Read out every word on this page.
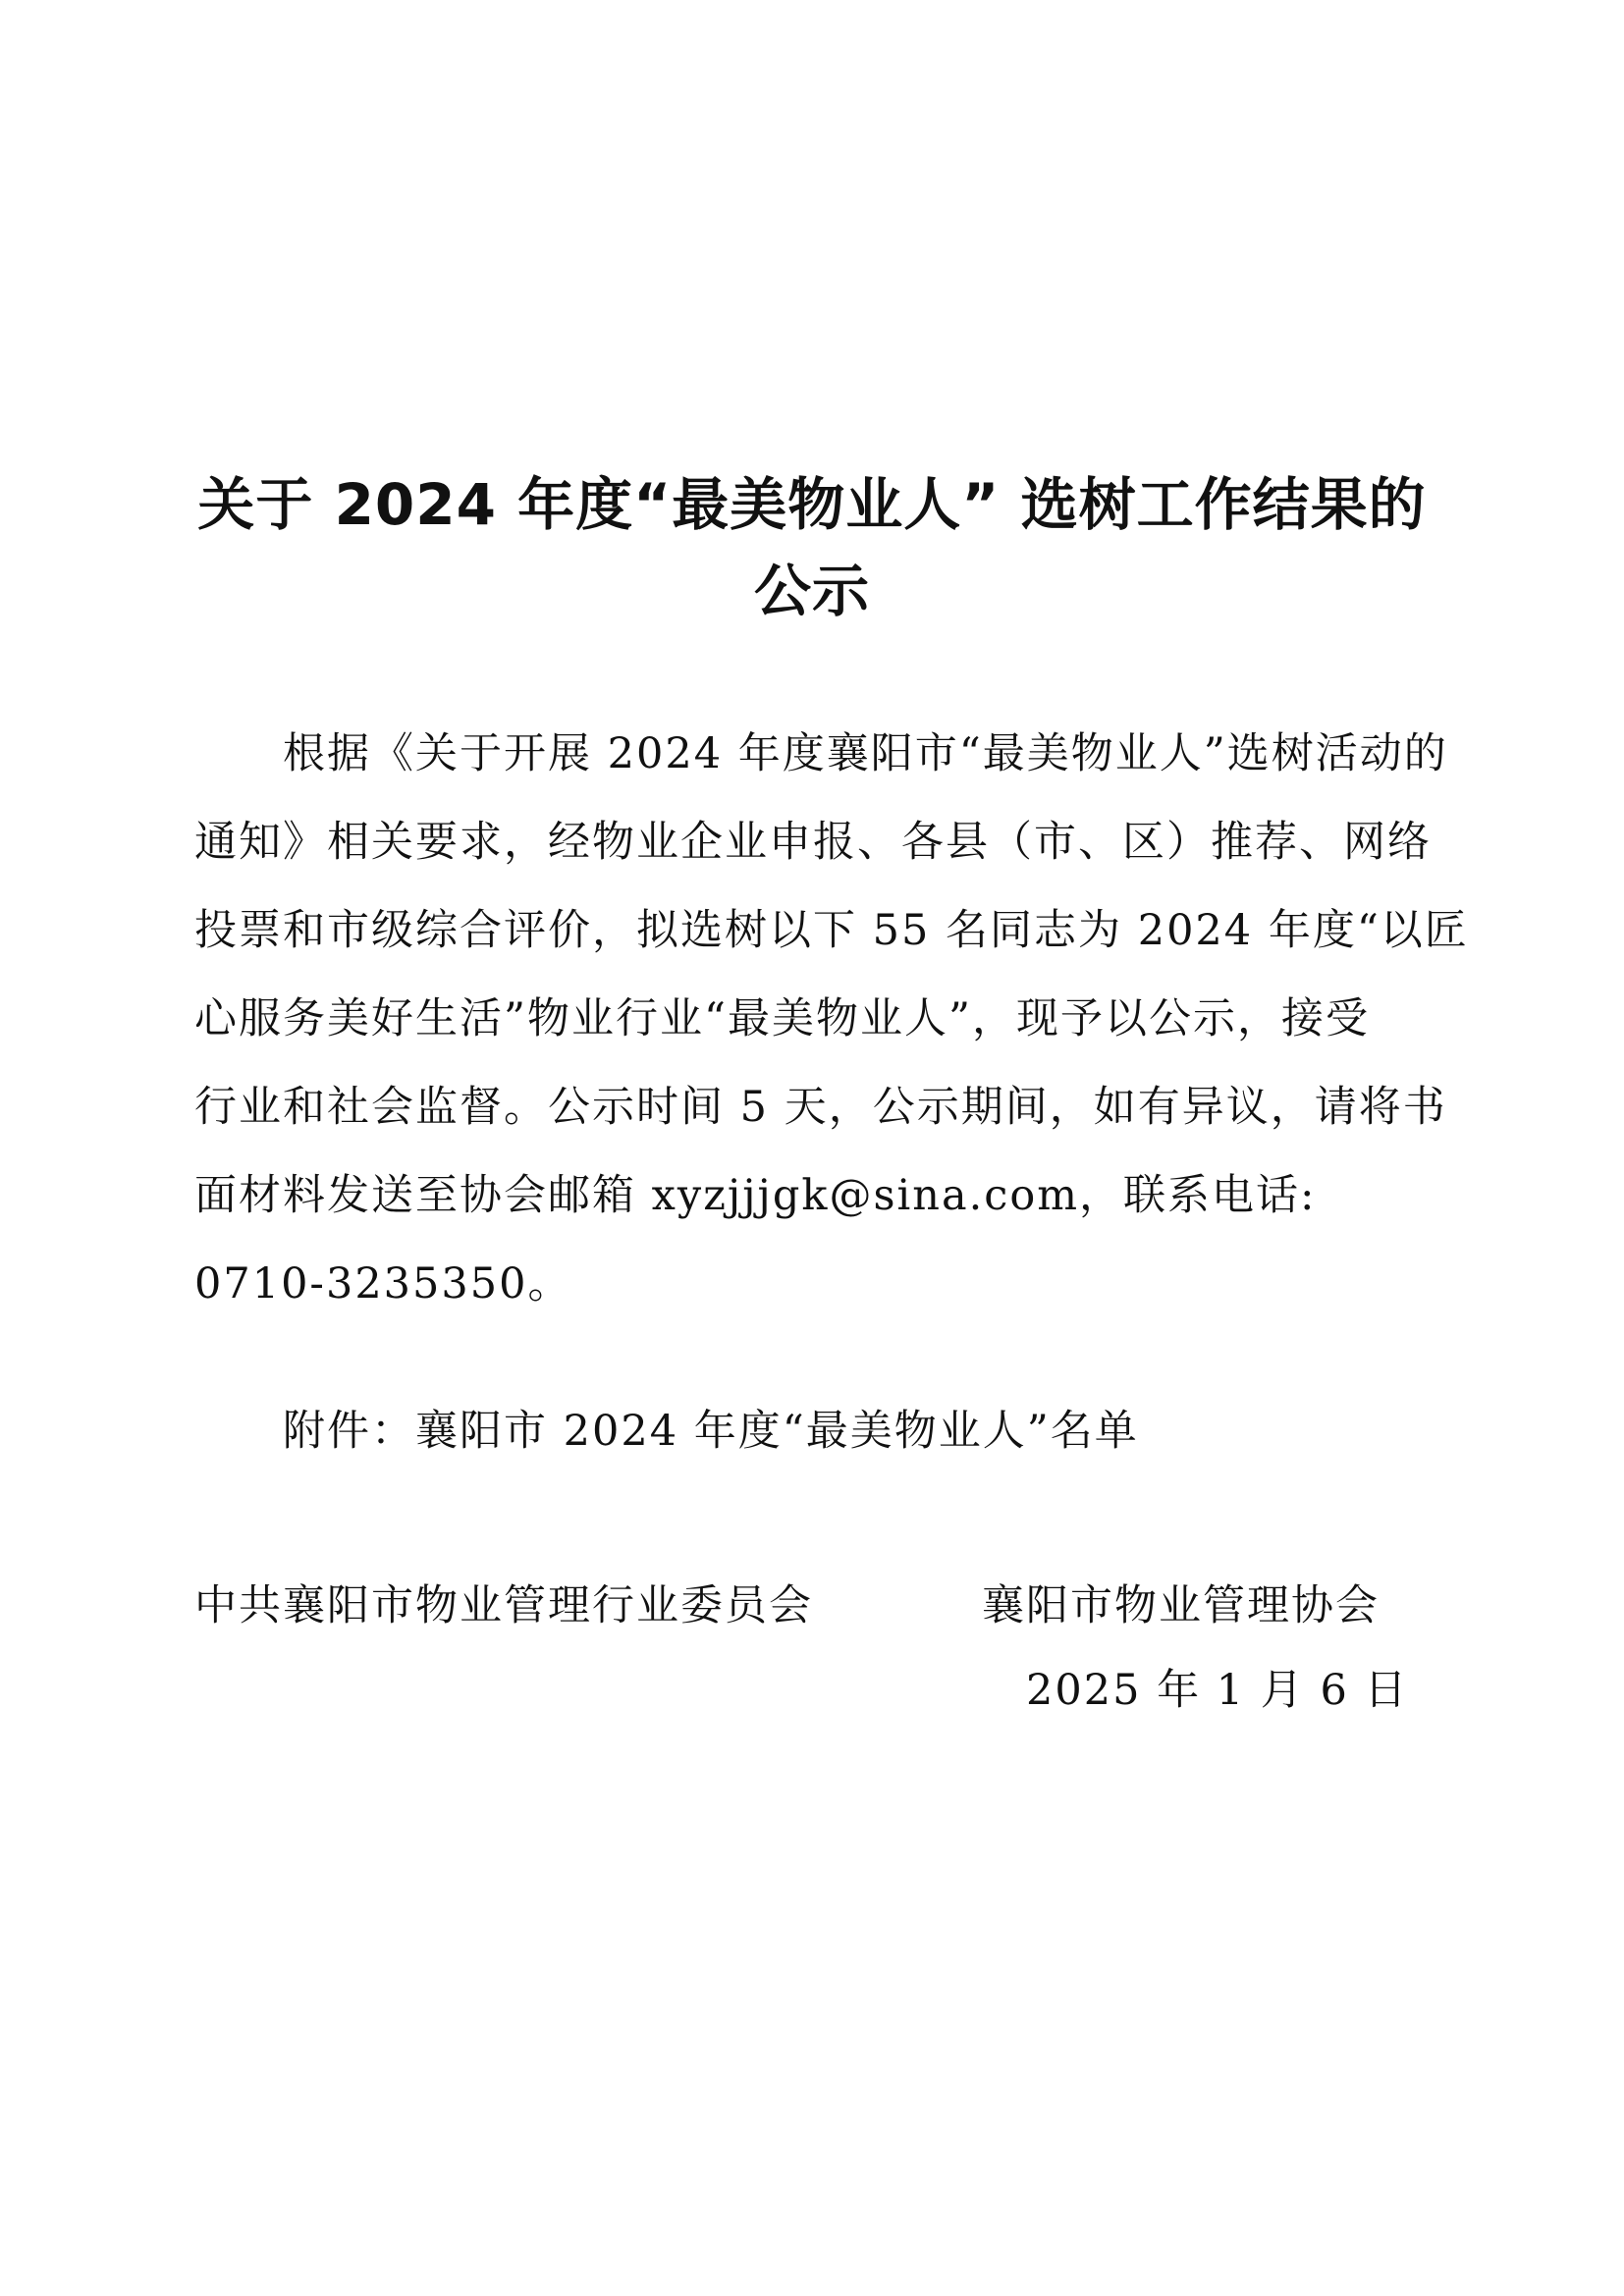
关于 2024 年度“最美物业人” 选树工作结果的
公示
根据《关于开展 2024 年度襄阳市“最美物业人”选树活动的
通知》相关要求，经物业企业申报、各县（市、区）推荐、网络
投票和市级综合评价，拟选树以下 55 名同志为 2024 年度“以匠
心服务美好生活”物业行业“最美物业人”，现予以公示，接受
行业和社会监督。公示时间 5 天，公示期间，如有异议，请将书
面材料发送至协会邮箱 xyzjjjgk@sina.com，联系电话:
0710-3235350。
附件：襄阳市 2024 年度“最美物业人”名单
中共襄阳市物业管理行业委员会	襄阳市物业管理协会
2025 年 1 月 6 日
